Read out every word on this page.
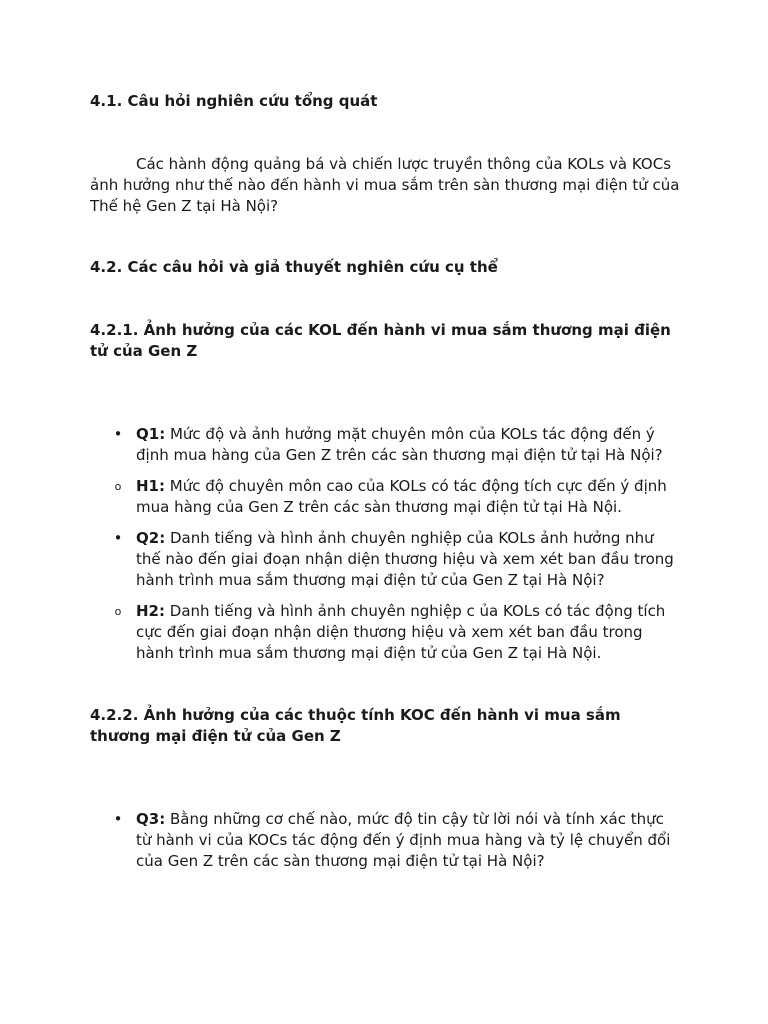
4.1. Câu hỏi nghiên cứu tổng quát

Các hành động quảng bá và chiến lược truyền thông của KOLs và KOCs ảnh hưởng như thế nào đến hành vi mua sắm trên sàn thương mại điện tử của Thế hệ Gen Z tại Hà Nội?

4.2. Các câu hỏi và giả thuyết nghiên cứu cụ thể

4.2.1. Ảnh hưởng của các KOL đến hành vi mua sắm thương mại điện tử của Gen Z

• Q1: Mức độ và ảnh hưởng mặt chuyên môn của KOLs tác động đến ý định mua hàng của Gen Z trên các sàn thương mại điện tử tại Hà Nội?
o H1: Mức độ chuyên môn cao của KOLs có tác động tích cực đến ý định mua hàng của Gen Z trên các sàn thương mại điện tử tại Hà Nội.
• Q2: Danh tiếng và hình ảnh chuyên nghiệp của KOLs ảnh hưởng như thế nào đến giai đoạn nhận diện thương hiệu và xem xét ban đầu trong hành trình mua sắm thương mại điện tử của Gen Z tại Hà Nội?
o H2: Danh tiếng và hình ảnh chuyên nghiệp c ủa KOLs có tác động tích cực đến giai đoạn nhận diện thương hiệu và xem xét ban đầu trong hành trình mua sắm thương mại điện tử của Gen Z tại Hà Nội.

4.2.2. Ảnh hưởng của các thuộc tính KOC đến hành vi mua sắm thương mại điện tử của Gen Z

• Q3: Bằng những cơ chế nào, mức độ tin cậy từ lời nói và tính xác thực từ hành vi của KOCs tác động đến ý định mua hàng và tỷ lệ chuyển đổi của Gen Z trên các sàn thương mại điện tử tại Hà Nội?
